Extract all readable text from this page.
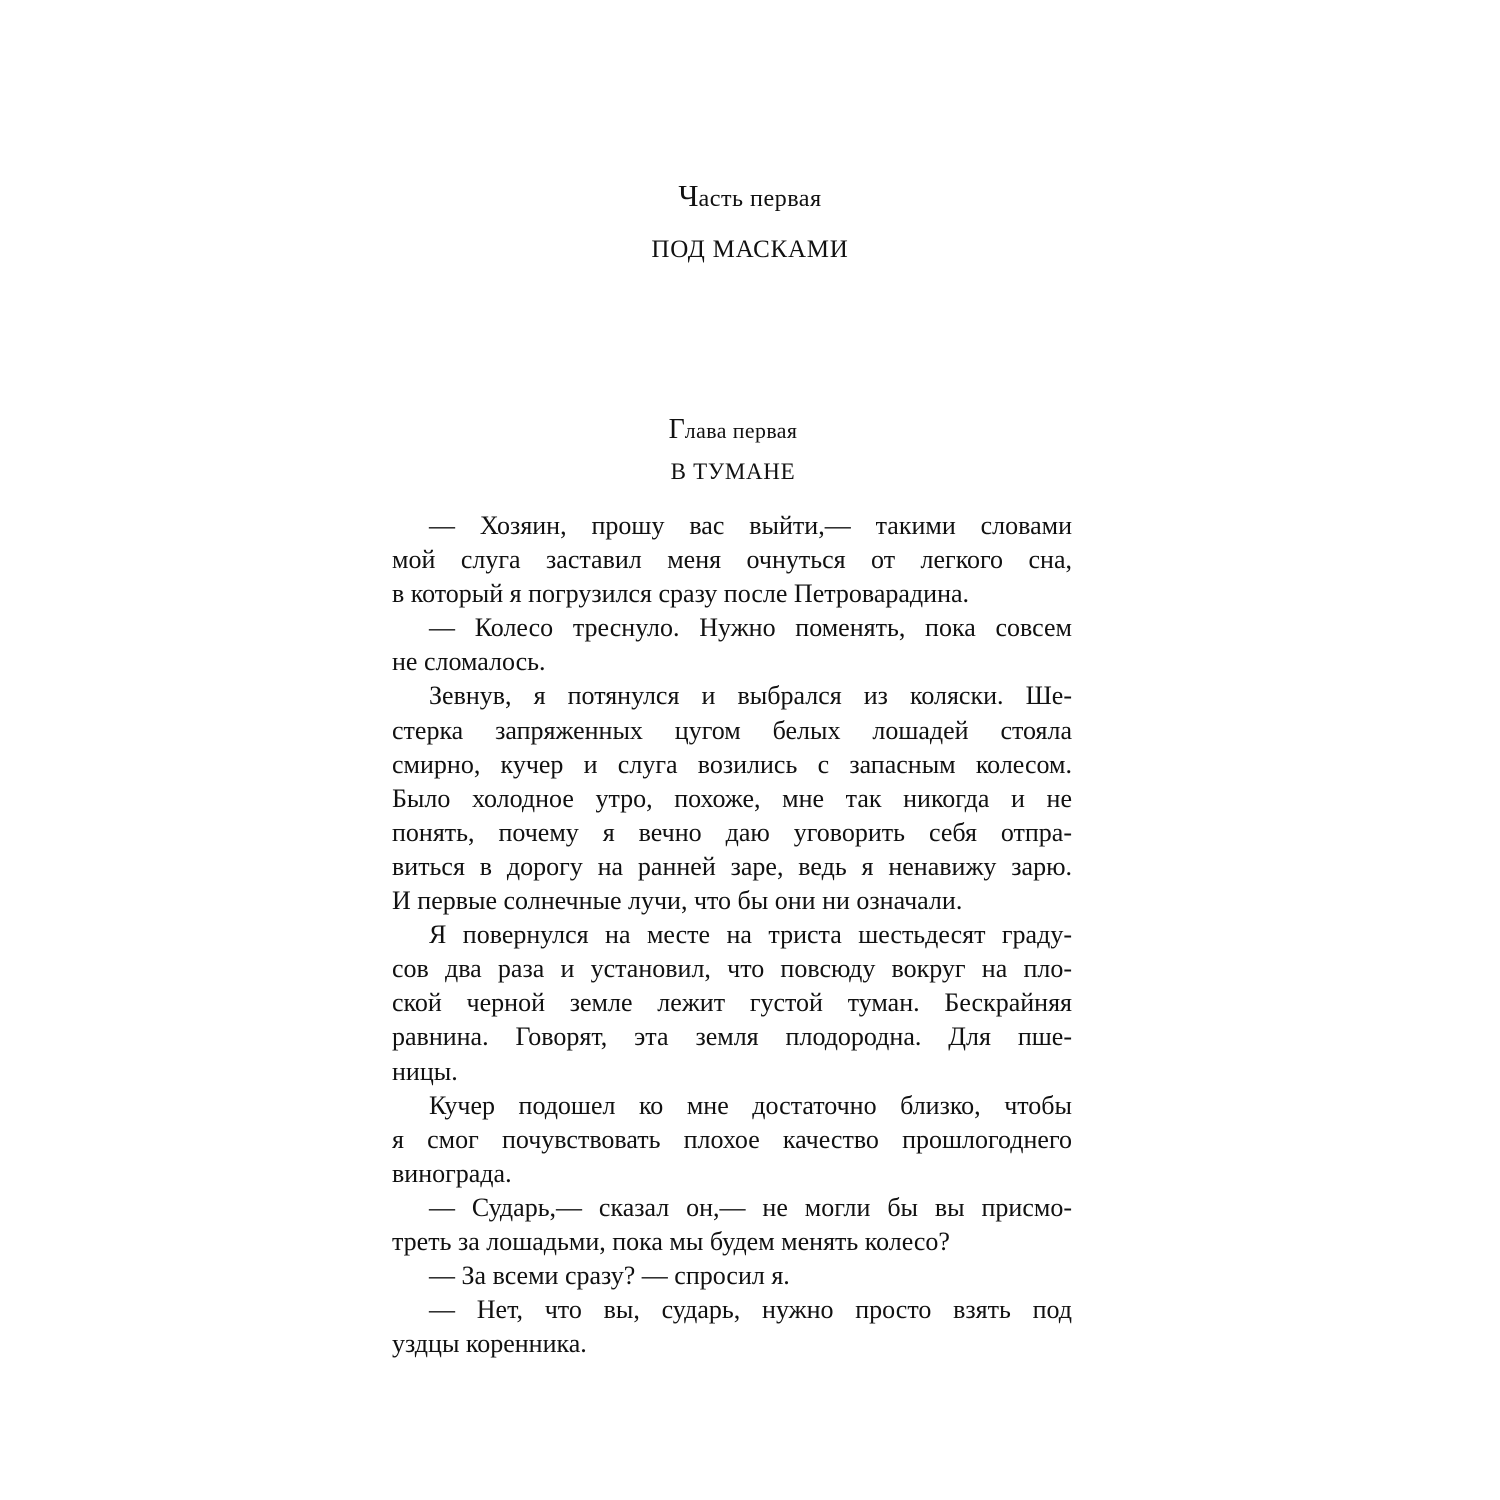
Часть первая
ПОД МАСКАМИ
Глава первая
В ТУМАНЕ
— Хозяин, прошу вас выйти,— такими словами
мой слуга заставил меня очнуться от легкого сна,
в который я погрузился сразу после Петроварадина.
— Колесо треснуло. Нужно поменять, пока совсем
не сломалось.
Зевнув, я потянулся и выбрался из коляски. Ше-
стерка запряженных цугом белых лошадей стояла
смирно, кучер и слуга возились с запасным колесом.
Было холодное утро, похоже, мне так никогда и не
понять, почему я вечно даю уговорить себя отпра-
виться в дорогу на ранней заре, ведь я ненавижу зарю.
И первые солнечные лучи, что бы они ни означали.
Я повернулся на месте на триста шестьдесят граду-
сов два раза и установил, что повсюду вокруг на пло-
ской черной земле лежит густой туман. Бескрайняя
равнина. Говорят, эта земля плодородна. Для пше-
ницы.
Кучер подошел ко мне достаточно близко, чтобы
я смог почувствовать плохое качество прошлогоднего
винограда.
— Сударь,— сказал он,— не могли бы вы присмо-
треть за лошадьми, пока мы будем менять колесо?
— За всеми сразу? — спросил я.
— Нет, что вы, сударь, нужно просто взять под
уздцы коренника.
